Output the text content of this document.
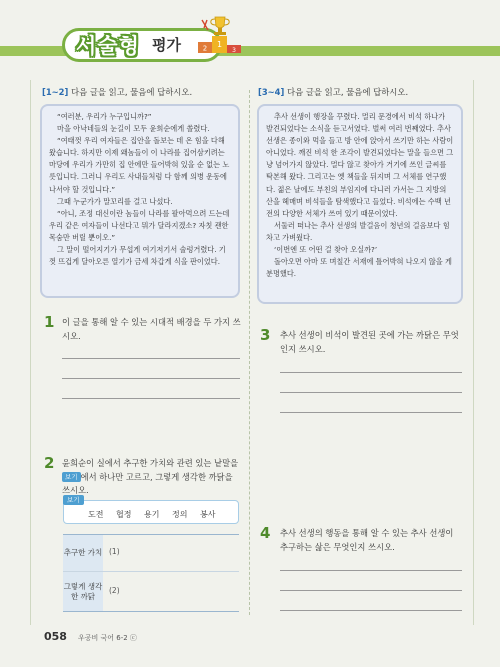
서술형 평가	2 1
3
[1~2] 다음 글을 읽고, 물음에 답하시오.

“여러분, 우리가 누구입니까?”

마을 아낙네들의 눈길이 모두 윤희순에게 쏠렸다.

“여태껏 우리 여자들은 집안을 돌보는 데 온 힘을 다해 왔습니다. 하지만 이제 왜놈들이 이 나라를 집어삼키려는 마당에 우리가 가만히 집 안에만 들어박혀 있을 순 없는 노릇입니다. 그러니 우리도 사내들처럼 다 함께 의병 운동에 나서야 할 것입니다.”

그때 누군가가 말꼬리를 걸고 나섰다.

“아니, 조정 대신이란 놈들이 나라를 팔아먹으려 드는데 우리 같은 여자들이 나선다고 뭐가 달라지겠소? 자칫 괜한 목숨만 버릴 뿐이오.”

그 말이 떨어지기가 무섭게 여기저기서 술렁거렸다. 기껏 뜨겁게 달아오른 열기가 금세 차갑게 식을 판이었다.

1 이 글을 통해 알 수 있는 시대적 배경을 두 가지 쓰시오.
2 윤희순이 실에서 추구한 가치와 관련 있는 낱말을 보기 에서 하나만 고르고, 그렇게 생각한 까닭을 쓰시오.
보기
도전 협정 용기 정의 봉사
추구한 가치 (1)
그렇게 생각한 까닭
(2)
[3~4] 다음 글을 읽고, 물음에 답하시오.

추사 선생이 행장을 꾸렸다. 멀리 문경에서 비석 하나가 발견되었다는 소식을 듣고서였다. 벌써 여러 번째였다. 추사 선생은 종이와 먹을 들고 방 안에 앉아서 쓰기만 하는 사람이 아니었다. 깨진 비석 한 조각이 발견되었다는 말을 들으면 그냥 넘어가지 않았다. 멀다 않고 찾아가 거기에 쓰인 글씨를 탁본해 왔다. 그리고는 옛 책들을 뒤지며 그 서체를 연구했다. 젊은 날에도 부친의 부임지에 다니러 가서는 그 지방의 산을 헤매며 비석들을 탐색했다고 들었다. 비석에는 수백 년 전의 다양한 서체가 쓰여 있기 때문이었다.

서둘러 떠나는 추사 선생의 발걸음이 청년의 걸음보다 힘차고 가벼웠다.

‘이번엔 또 어떤 걸 찾아 오실까?’

돌아오면 아마 또 며칠간 서재에 틀어박혀 나오지 않을 게 분명했다.

3 추사 선생이 비석이 발견된 곳에 가는 까닭은 무엇인지 쓰시오.
4 추사 선생의 행동을 통해 알 수 있는 추사 선생이 추구하는 삶은 무엇인지 쓰시오.
058 우공비 국어 6-2 ⓒ
